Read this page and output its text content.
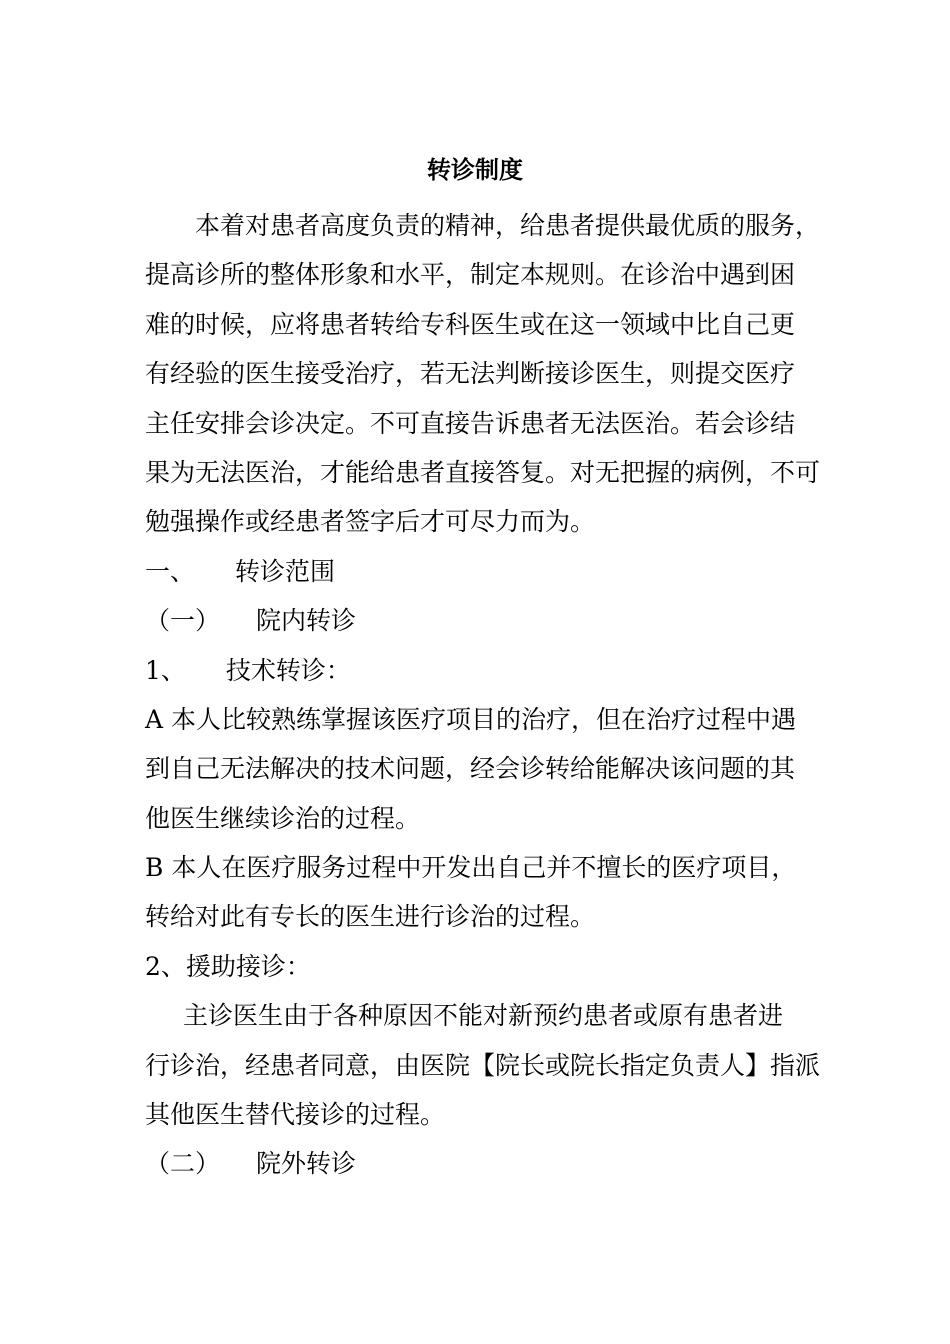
转诊制度
本着对患者高度负责的精神，给患者提供最优质的服务，
提高诊所的整体形象和水平，制定本规则。在诊治中遇到困
难的时候，应将患者转给专科医生或在这一领域中比自己更
有经验的医生接受治疗，若无法判断接诊医生，则提交医疗
主任安排会诊决定。不可直接告诉患者无法医治。若会诊结
果为无法医治，才能给患者直接答复。对无把握的病例，不可
勉强操作或经患者签字后才可尽力而为。
一、 转诊范围
（一） 院内转诊
1、 技术转诊：
A 本人比较熟练掌握该医疗项目的治疗，但在治疗过程中遇
到自己无法解决的技术问题，经会诊转给能解决该问题的其
他医生继续诊治的过程。
B 本人在医疗服务过程中开发出自己并不擅长的医疗项目，
转给对此有专长的医生进行诊治的过程。
2、援助接诊：
主诊医生由于各种原因不能对新预约患者或原有患者进
行诊治，经患者同意，由医院【院长或院长指定负责人】指派
其他医生替代接诊的过程。
（二） 院外转诊
